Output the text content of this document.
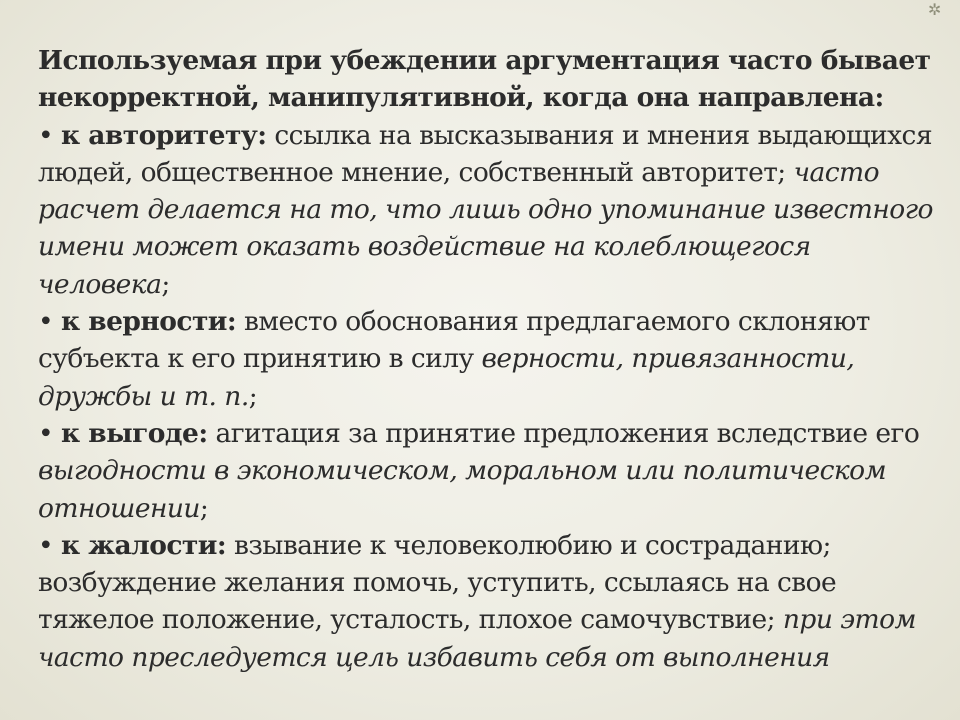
✲
Используемая при убеждении аргументация часто бывает некорректной, манипулятивной, когда она направлена:
• к авторитету: ссылка на высказывания и мнения выдающихся людей, общественное мнение, собственный авторитет; часто расчет делается на то, что лишь одно упоминание известного имени может оказать воздействие на колеблющегося человека;
• к верности: вместо обоснования предлагаемого склоняют субъекта к его принятию в силу верности, привязанности, дружбы и т. п.;
• к выгоде: агитация за принятие предложения вследствие его выгодности в экономическом, моральном или политическом отношении;
• к жалости: взывание к человеколюбию и состраданию; возбуждение желания помочь, уступить, ссылаясь на свое тяжелое положение, усталость, плохое самочувствие; при этом часто преследуется цель избавить себя от выполнения
